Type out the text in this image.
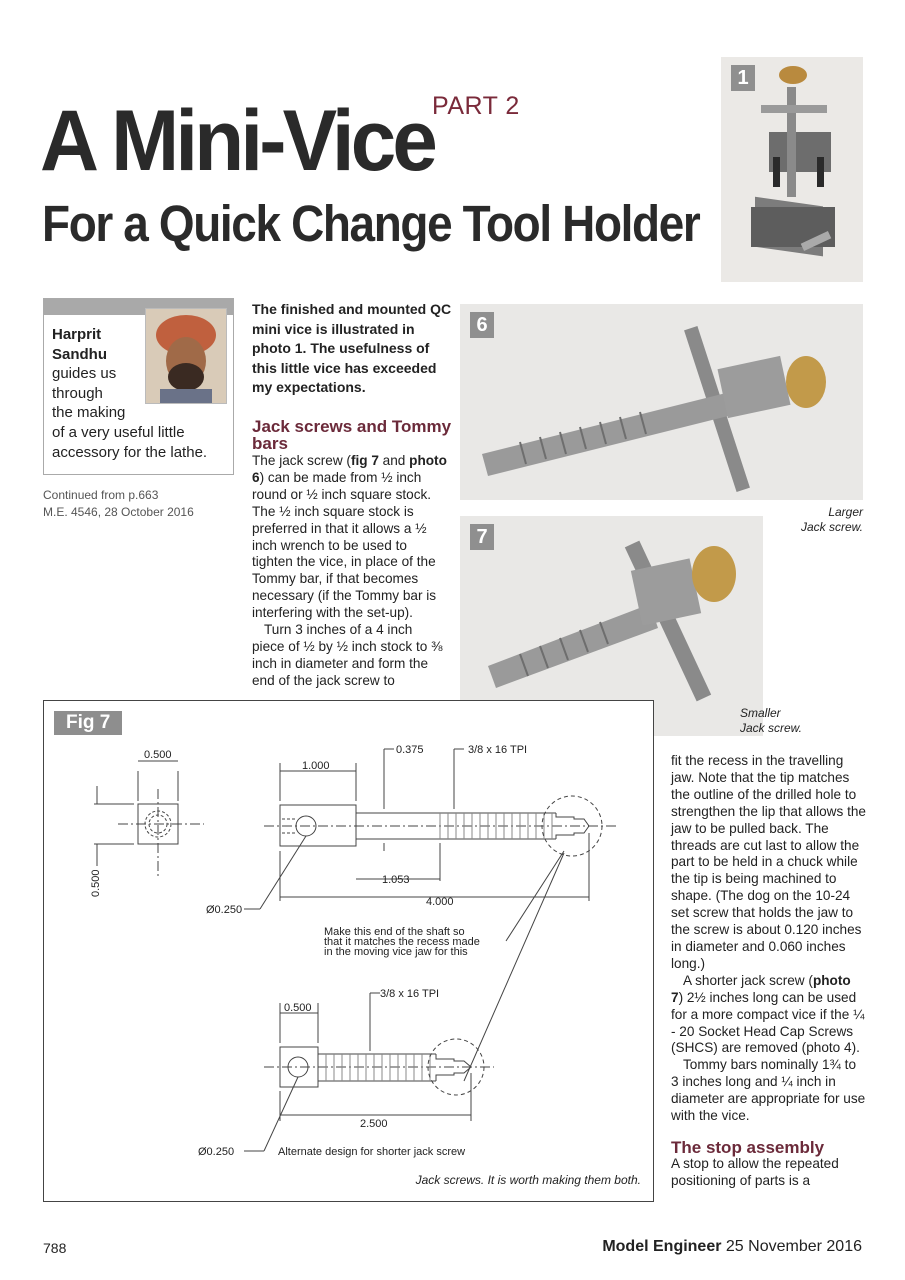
PART 2
A Mini-Vice
For a Quick Change Tool Holder
1
Harprit
Sandhu
guides us
through
the making
of a very useful little
accessory for the lathe.
Continued from p.663
M.E. 4546, 28 October 2016
The finished and mounted QC mini vice is illustrated in photo 1. The usefulness of this little vice has exceeded my expectations.
Jack screws and Tommy bars

The jack screw (fig 7 and photo 6) can be made from ½ inch round or ½ inch square stock. The ½ inch square stock is preferred in that it allows a ½ inch wrench to be used to tighten the vice, in place of the Tommy bar, if that becomes necessary (if the Tommy bar is interfering with the set-up).

Turn 3 inches of a 4 inch piece of ½ by ½ inch stock to ⅜ inch in diameter and form the end of the jack screw to

6
Larger
Jack screw.
7
Smaller
Jack screw.

fit the recess in the travelling jaw. Note that the tip matches the outline of the drilled hole to strengthen the lip that allows the jaw to be pulled back. The threads are cut last to allow the part to be held in a chuck while the tip is being machined to shape. (The dog on the 10-24 set screw that holds the jaw to the screw is about 0.120 inches in diameter and 0.060 inches long.)

A shorter jack screw (photo 7) 2½ inches long can be used for a more compact vice if the ¼ - 20 Socket Head Cap Screws (SHCS) are removed (photo 4).

Tommy bars nominally 1¾ to 3 inches long and ¼ inch in diameter are appropriate for use with the vice.

The stop assembly

A stop to allow the repeated positioning of parts is a

0.500
0.500
1.000
0.375	3/8 x 16 TPI
1.053
4.000
Ø0.250
Make this end of the shaft so
that it matches the recess made
in the moving vice jaw for this
0.500
3/8 x 16 TPI
2.500
Ø0.250	Alternate design for shorter jack screw
Fig 7
Jack screws. It is worth making them both.
788	Model Engineer 25 November 2016
